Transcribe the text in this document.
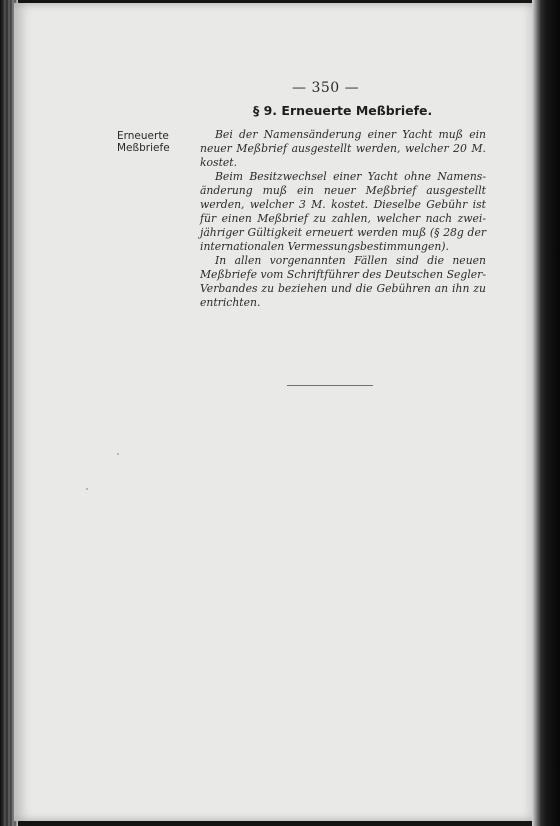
— 350 —
§ 9. Erneuerte Meßbriefe.
Erneuerte
Meßbriefe

Bei der Namensänderung einer Yacht muß ein neuer Meßbrief ausgestellt werden, welcher 20 M. kostet.

Beim Besitzwechsel einer Yacht ohne Namensänderung muß ein neuer Meßbrief ausgestellt werden, welcher 3 M. kostet. Dieselbe Gebühr ist für einen Meßbrief zu zahlen, welcher nach zweijähriger Gültigkeit erneuert werden muß (§ 28g der internationalen Vermessungsbestimmungen).

In allen vorgenannten Fällen sind die neuen Meßbriefe vom Schriftführer des Deutschen Segler-Verbandes zu beziehen und die Gebühren an ihn zu entrichten.
